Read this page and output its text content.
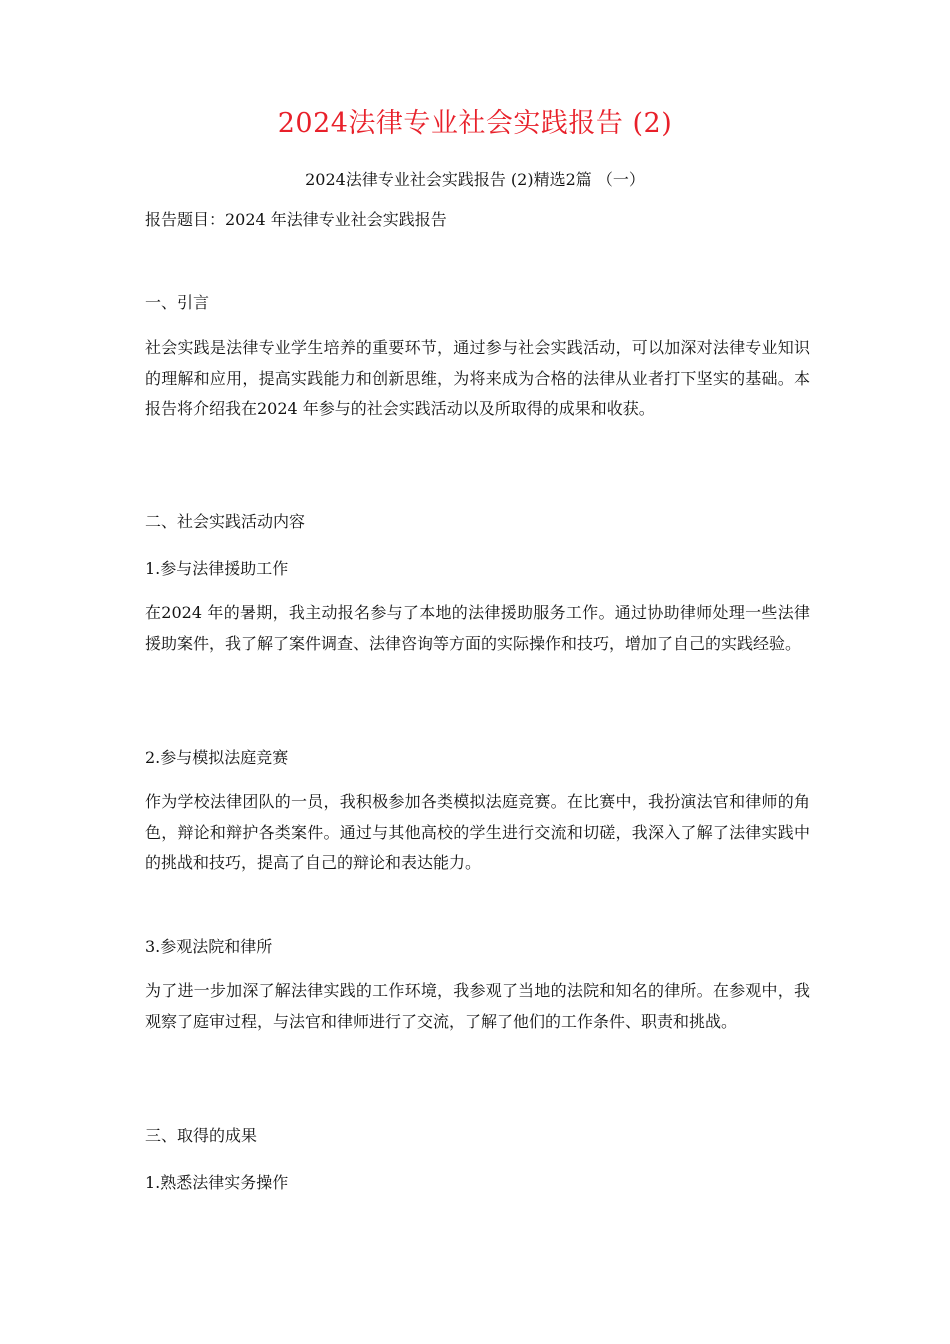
2024法律专业社会实践报告 (2)
2024法律专业社会实践报告 (2)精选2篇 （一）
报告题目：2024 年法律专业社会实践报告
一、引言
社会实践是法律专业学生培养的重要环节，通过参与社会实践活动，可以加深对法律专业知识的理解和应用，提高实践能力和创新思维，为将来成为合格的法律从业者打下坚实的基础。本报告将介绍我在2024 年参与的社会实践活动以及所取得的成果和收获。
二、社会实践活动内容
1.参与法律援助工作
在2024 年的暑期，我主动报名参与了本地的法律援助服务工作。通过协助律师处理一些法律援助案件，我了解了案件调查、法律咨询等方面的实际操作和技巧，增加了自己的实践经验。
2.参与模拟法庭竞赛
作为学校法律团队的一员，我积极参加各类模拟法庭竞赛。在比赛中，我扮演法官和律师的角色，辩论和辩护各类案件。通过与其他高校的学生进行交流和切磋，我深入了解了法律实践中的挑战和技巧，提高了自己的辩论和表达能力。
3.参观法院和律所
为了进一步加深了解法律实践的工作环境，我参观了当地的法院和知名的律所。在参观中，我观察了庭审过程，与法官和律师进行了交流，了解了他们的工作条件、职责和挑战。
三、取得的成果
1.熟悉法律实务操作
